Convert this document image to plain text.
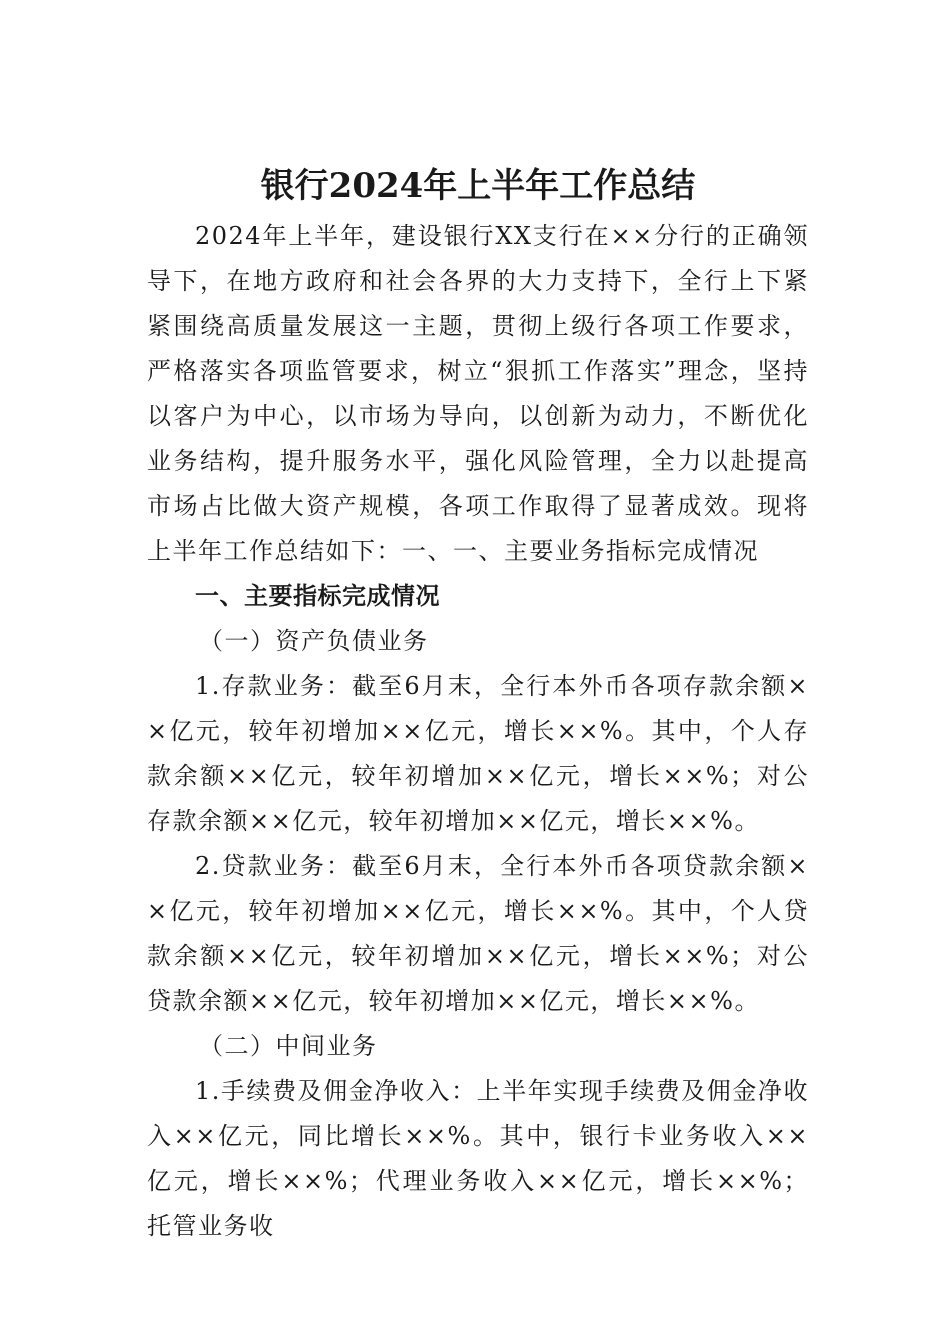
银行2024年上半年工作总结

2024年上半年，建设银行XX支行在××分行的正确领导下，在地方政府和社会各界的大力支持下，全行上下紧紧围绕高质量发展这一主题，贯彻上级行各项工作要求，严格落实各项监管要求，树立“狠抓工作落实”理念，坚持以客户为中心，以市场为导向，以创新为动力，不断优化业务结构，提升服务水平，强化风险管理，全力以赴提高市场占比做大资产规模，各项工作取得了显著成效。现将上半年工作总结如下：一、一、主要业务指标完成情况

一、主要指标完成情况

（一）资产负债业务

1.存款业务：截至6月末，全行本外币各项存款余额××亿元，较年初增加××亿元，增长××%。其中，个人存款余额××亿元，较年初增加××亿元，增长××%；对公存款余额××亿元，较年初增加××亿元，增长××%。

2.贷款业务：截至6月末，全行本外币各项贷款余额××亿元，较年初增加××亿元，增长××%。其中，个人贷款余额××亿元，较年初增加××亿元，增长××%；对公贷款余额××亿元，较年初增加××亿元，增长××%。

（二）中间业务

1.手续费及佣金净收入：上半年实现手续费及佣金净收入××亿元，同比增长××%。其中，银行卡业务收入××亿元，增长××%；代理业务收入××亿元，增长××%；托管业务收
